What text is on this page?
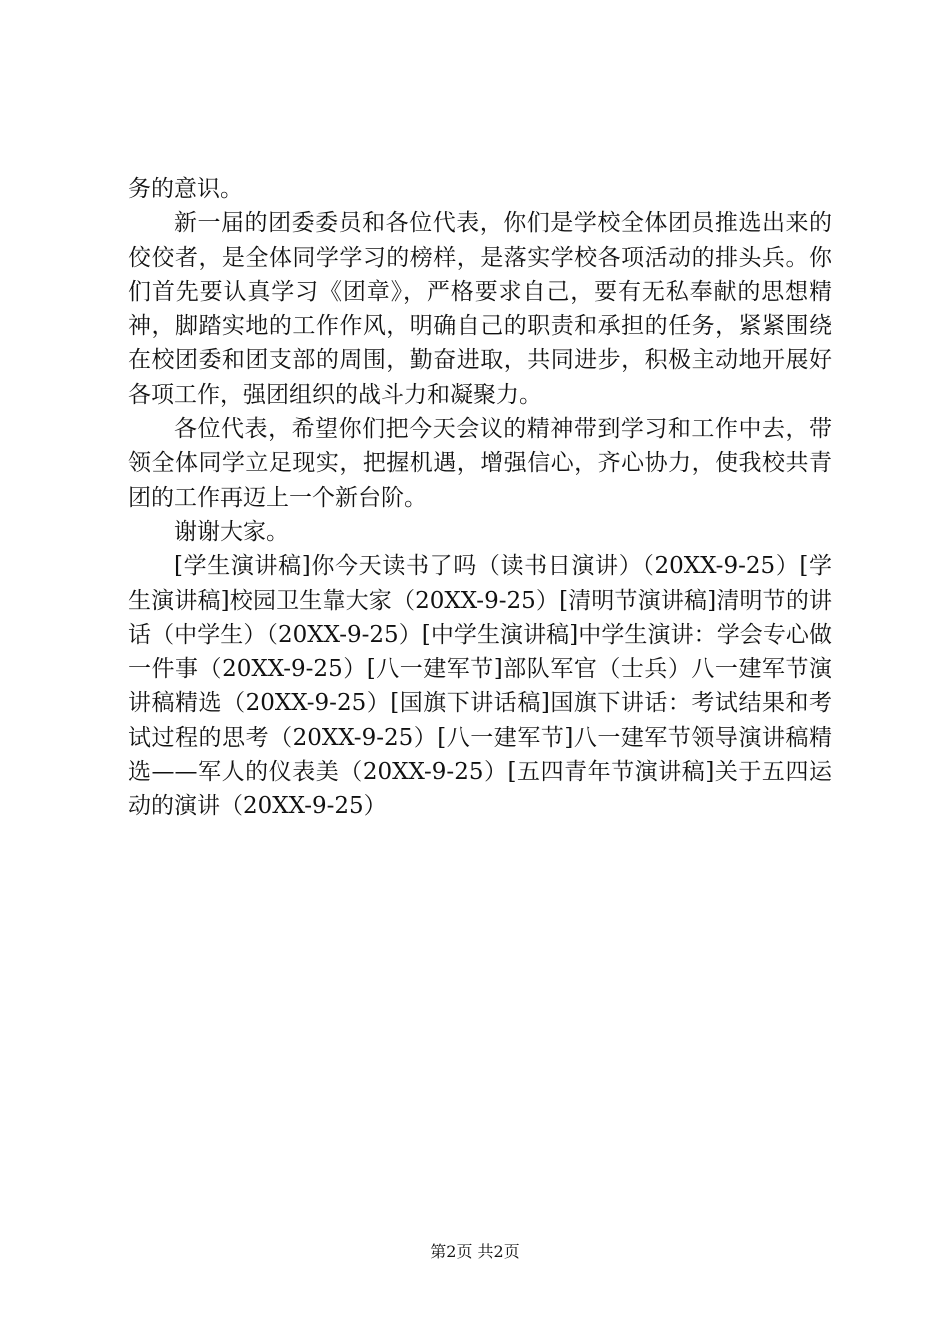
务的意识。

新一届的团委委员和各位代表，你们是学校全体团员推选出来的佼佼者，是全体同学学习的榜样，是落实学校各项活动的排头兵。你们首先要认真学习《团章》，严格要求自己，要有无私奉献的思想精神，脚踏实地的工作作风，明确自己的职责和承担的任务，紧紧围绕在校团委和团支部的周围，勤奋进取，共同进步，积极主动地开展好各项工作，强团组织的战斗力和凝聚力。

各位代表，希望你们把今天会议的精神带到学习和工作中去，带领全体同学立足现实，把握机遇，增强信心，齐心协力，使我校共青团的工作再迈上一个新台阶。

谢谢大家。

[学生演讲稿]你今天读书了吗（读书日演讲）（20XX-9-25）[学生演讲稿]校园卫生靠大家（20XX-9-25）[清明节演讲稿]清明节的讲话（中学生）（20XX-9-25）[中学生演讲稿]中学生演讲：学会专心做一件事（20XX-9-25）[八一建军节]部队军官（士兵）八一建军节演讲稿精选（20XX-9-25）[国旗下讲话稿]国旗下讲话：考试结果和考试过程的思考（20XX-9-25）[八一建军节]八一建军节领导演讲稿精选——军人的仪表美（20XX-9-25）[五四青年节演讲稿]关于五四运动的演讲（20XX-9-25）

第2页 共2页
